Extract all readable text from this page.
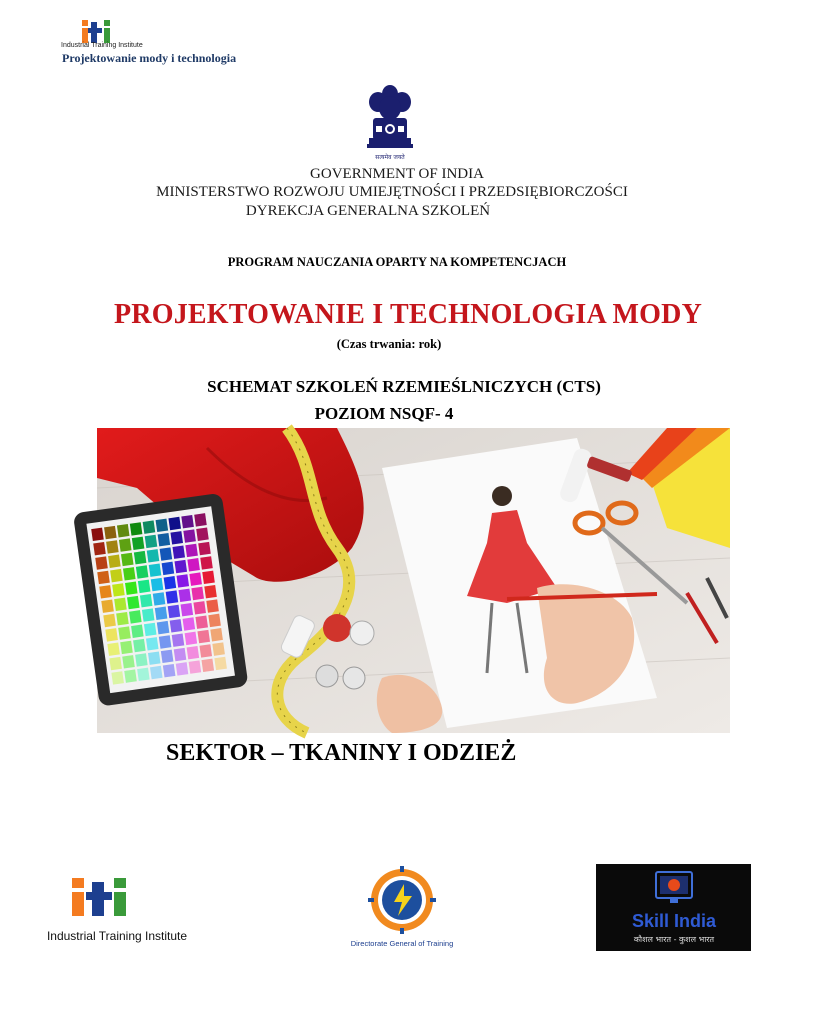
Industrial Training Institute
Projektowanie mody i technologia
सत्यमेव जयते
GOVERNMENT OF INDIA
MINISTERSTWO ROZWOJU UMIEJĘTNOŚCI I PRZEDSIĘBIORCZOŚCI
DYREKCJA GENERALNA SZKOLEŃ
PROGRAM NAUCZANIA OPARTY NA KOMPETENCJACH
PROJEKTOWANIE I TECHNOLOGIA MODY
(Czas trwania: rok)
SCHEMAT SZKOLEŃ RZEMIEŚLNICZYCH (CTS)
POZIOM NSQF- 4
SEKTOR – TKANINY I ODZIEŻ
Industrial Training Institute
Directorate General of Training
Skill India
कौशल भारत - कुशल भारत
